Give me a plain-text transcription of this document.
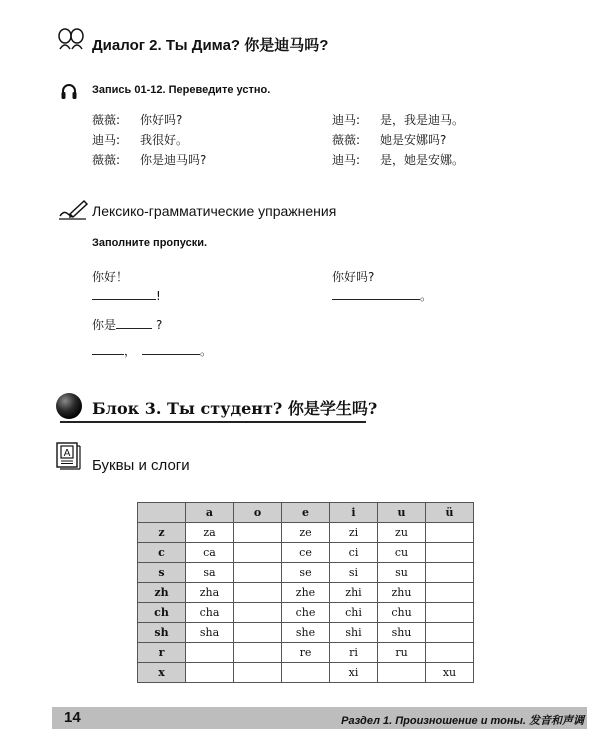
Диалог 2. Ты Дима? 你是迪马吗?
Запись 01-12. Переведите устно.
薇薇: 你好吗?
迪马: 我很好。
薇薇: 你是迪马吗?
迪马: 是，我是迪马。
薇薇: 她是安娜吗?
迪马: 是，她是安娜。
Лексико-грамматические упражнения
Заполните пропуски.
你好！
!
你好吗?
。
你是	?
，	。
Блок 3. Ты студент? 你是学生吗?
A
Буквы и слоги
	a	o	e	i	u	ü
z	za		ze	zi	zu	
c	ca		ce	ci	cu	
s	sa		se	si	su	
zh	zha		zhe	zhi	zhu	
ch	cha		che	chi	chu	
sh	sha		she	shi	shu	
r			re	ri	ru	
x				xi		xu
14	Раздел 1. Произношение и тоны. 发音和声调
